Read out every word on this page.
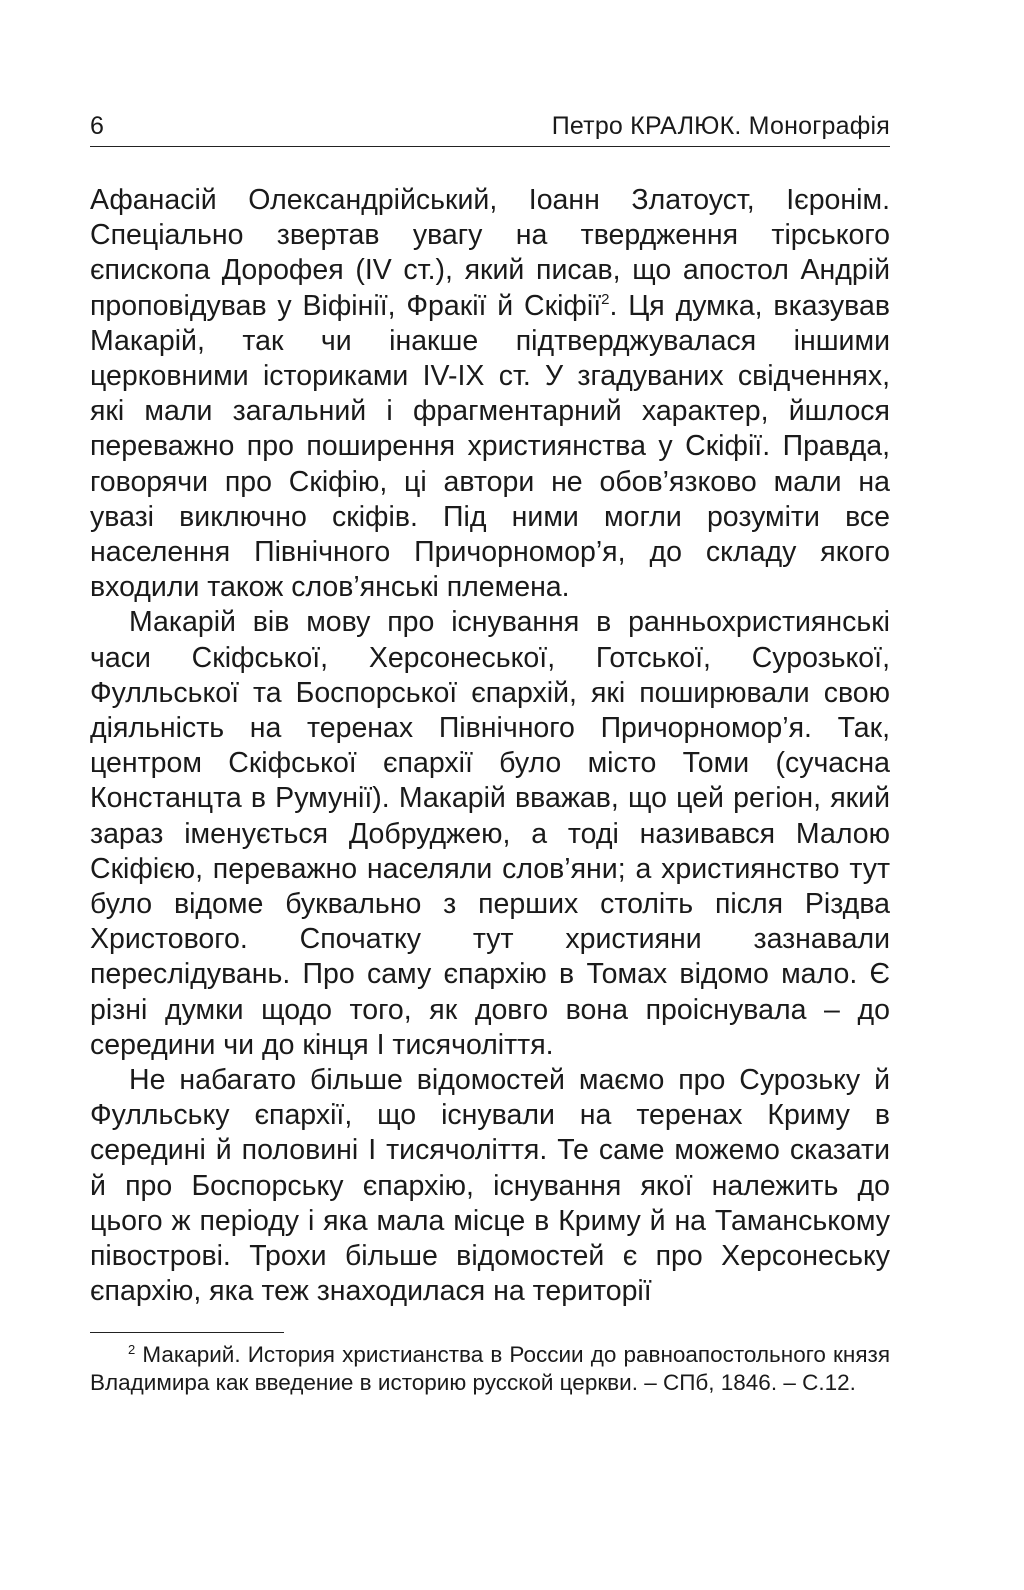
6	Петро КРАЛЮК. Монографія

Афанасій Олександрійський, Іоанн Златоуст, Ієронім. Спеціально звертав увагу на твердження тірського єпископа Дорофея (IV ст.), який писав, що апостол Андрій проповідував у Віфінії, Фракії й Скіфії$^2$. Ця думка, вказував Макарій, так чи інакше підтверджувалася іншими церковними істориками IV-IX ст. У згадуваних свідченнях, які мали загальний і фрагментарний характер, йшлося переважно про поширення християнства у Скіфії. Правда, говорячи про Скіфію, ці автори не обов’язково мали на увазі виключно скіфів. Під ними могли розуміти все населення Північного Причорномор’я, до складу якого входили також слов’янські племена.

Макарій вів мову про існування в ранньохристиянські часи Скіфської, Херсонеської, Готської, Сурозької, Фулльської та Боспорської єпархій, які поширювали свою діяльність на теренах Північного Причорномор’я. Так, центром Скіфської єпархії було місто Томи (сучасна Констанцта в Румунії). Макарій вважав, що цей регіон, який зараз іменується Добруджею, а тоді називався Малою Скіфією, переважно населяли слов’яни; а християнство тут було відоме буквально з перших століть після Різдва Христового. Спочатку тут християни зазнавали переслідувань. Про саму єпархію в Томах відомо мало. Є різні думки щодо того, як довго вона проіснувала – до середини чи до кінця І тисячоліття.

Не набагато більше відомостей маємо про Сурозьку й Фулльську єпархії, що існували на теренах Криму в середині й половині І тисячоліття. Те саме можемо сказати й про Боспорську єпархію, існування якої належить до цього ж періоду і яка мала місце в Криму й на Таманському півострові. Трохи більше відомостей є про Херсонеську єпархію, яка теж знаходилася на території

$^2$ Макарий. История христианства в России до равноапостольного князя Владимира как введение в историю русской церкви. – СПб, 1846. – С.12.
